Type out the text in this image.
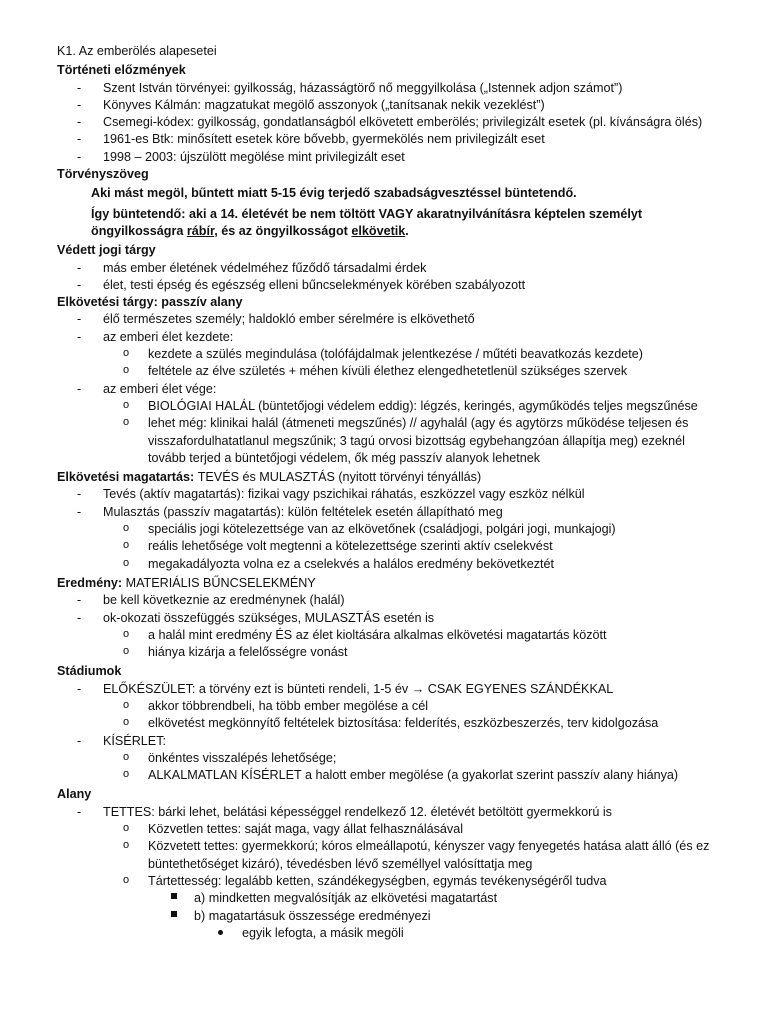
K1. Az emberölés alapesetei
Történeti előzmények
- Szent István törvényei: gyilkosság, házasságtörő nő meggyilkolása („Istennek adjon számot”)
- Könyves Kálmán: magzatukat megölő asszonyok („tanítsanak nekik vezeklést”)
- Csemegi-kódex: gyilkosság, gondatlanságból elkövetett emberölés; privilegizált esetek (pl. kívánságra ölés)
- 1961-es Btk: minősített esetek köre bővebb, gyermekölés nem privilegizált eset
- 1998 – 2003: újszülött megölése mint privilegizált eset
Törvényszöveg
Aki mást megöl, bűntett miatt 5-15 évig terjedő szabadságvesztéssel büntetendő.
Így büntetendő: aki a 14. életévét be nem töltött VAGY akaratnyilvánításra képtelen személyt
öngyilkosságra rábír, és az öngyilkosságot elkövetik.
Védett jogi tárgy
- más ember életének védelméhez fűződő társadalmi érdek
- élet, testi épség és egészség elleni bűncselekmények körében szabályozott
Elkövetési tárgy: passzív alany
- élő természetes személy; haldokló ember sérelmére is elkövethető
- az emberi élet kezdete:
o kezdete a szülés megindulása (tolófájdalmak jelentkezése / műtéti beavatkozás kezdete)
o feltétele az élve születés + méhen kívüli élethez elengedhetetlenül szükséges szervek
- az emberi élet vége:
o BIOLÓGIAI HALÁL (büntetőjogi védelem eddig): légzés, keringés, agyműködés teljes megszűnése
o lehet még: klinikai halál (átmeneti megszűnés) // agyhalál (agy és agytörzs működése teljesen és
visszafordulhatatlanul megszűnik; 3 tagú orvosi bizottság egybehangzóan állapítja meg) ezeknél
tovább terjed a büntetőjogi védelem, ők még passzív alanyok lehetnek
Elkövetési magatartás: TEVÉS és MULASZTÁS (nyitott törvényi tényállás)
- Tevés (aktív magatartás): fizikai vagy pszichikai ráhatás, eszközzel vagy eszköz nélkül
- Mulasztás (passzív magatartás): külön feltételek esetén állapítható meg
o speciális jogi kötelezettsége van az elkövetőnek (családjogi, polgári jogi, munkajogi)
o reális lehetősége volt megtenni a kötelezettsége szerinti aktív cselekvést
o megakadályozta volna ez a cselekvés a halálos eredmény bekövetkeztét
Eredmény: MATERIÁLIS BŰNCSELEKMÉNY
- be kell következnie az eredménynek (halál)
- ok-okozati összefüggés szükséges, MULASZTÁS esetén is
o a halál mint eredmény ÉS az élet kioltására alkalmas elkövetési magatartás között
o hiánya kizárja a felelősségre vonást
Stádiumok
- ELŐKÉSZÜLET: a törvény ezt is bünteti rendeli, 1-5 év → CSAK EGYENES SZÁNDÉKKAL
o akkor többrendbeli, ha több ember megölése a cél
o elkövetést megkönnyítő feltételek biztosítása: felderítés, eszközbeszerzés, terv kidolgozása
- KÍSÉRLET:
o önkéntes visszalépés lehetősége;
o ALKALMATLAN KÍSÉRLET a halott ember megölése (a gyakorlat szerint passzív alany hiánya)
Alany
- TETTES: bárki lehet, belátási képességgel rendelkező 12. életévét betöltött gyermekkorú is
o Közvetlen tettes: saját maga, vagy állat felhasználásával
o Közvetett tettes: gyermekkorú; kóros elmeállapotú, kényszer vagy fenyegetés hatása alatt álló (és ez
büntethetőséget kizáró), tévedésben lévő személlyel valósíttatja meg
o Tártettesség: legalább ketten, szándékegységben, egymás tevékenységéről tudva
a) mindketten megvalósítják az elkövetési magatartást
b) magatartásuk összessége eredményezi
egyik lefogta, a másik megöli
